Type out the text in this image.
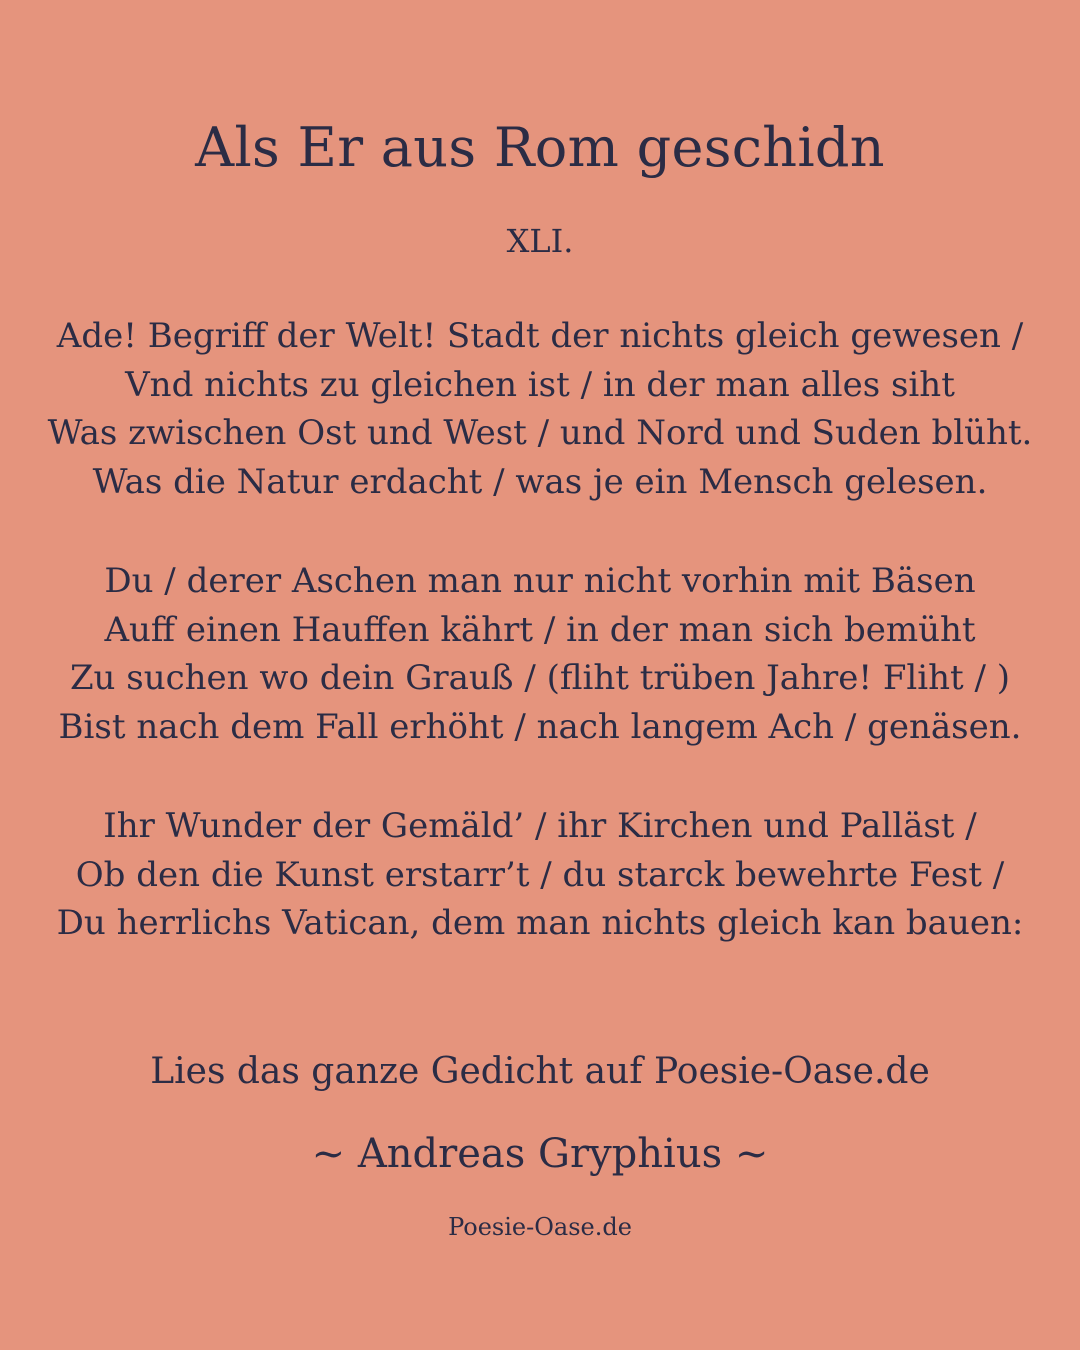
Als Er aus Rom geschidn
XLI.
Ade! Begriff der Welt! Stadt der nichts gleich gewesen /
Vnd nichts zu gleichen ist / in der man alles siht
Was zwischen Ost und West / und Nord und Suden blüht.
Was die Natur erdacht / was je ein Mensch gelesen.
Du / derer Aschen man nur nicht vorhin mit Bäsen
Auff einen Hauffen kährt / in der man sich bemüht
Zu suchen wo dein Grauß / (fliht trüben Jahre! Fliht / )
Bist nach dem Fall erhöht / nach langem Ach / genäsen.
Ihr Wunder der Gemäld’ / ihr Kirchen und Palläst /
Ob den die Kunst erstarr’t / du starck bewehrte Fest /
Du herrlichs Vatican, dem man nichts gleich kan bauen:
Lies das ganze Gedicht auf Poesie-Oase.de
~ Andreas Gryphius ~
Poesie-Oase.de
